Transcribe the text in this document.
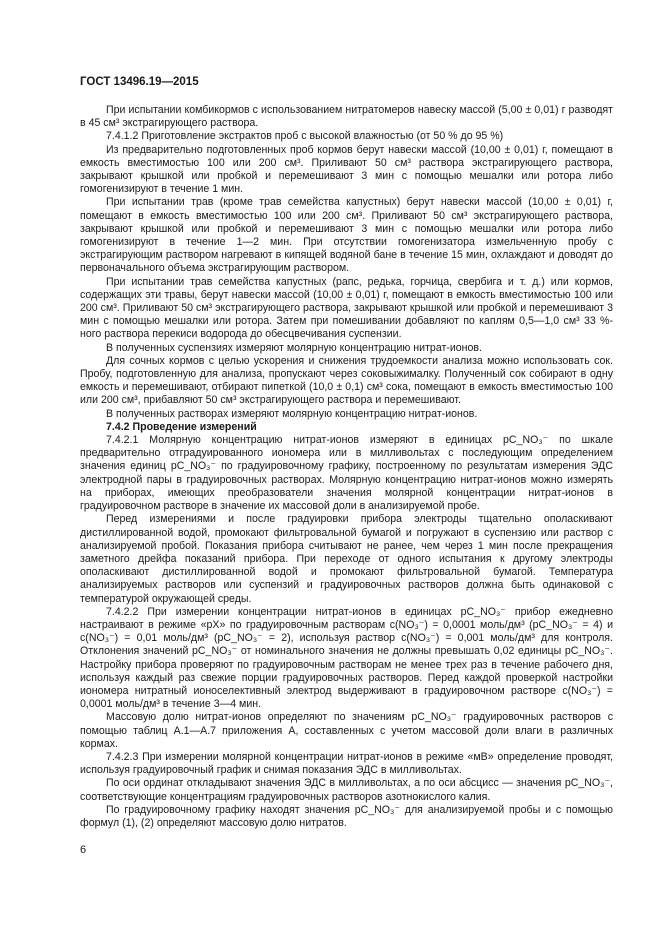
ГОСТ 13496.19—2015

При испытании комбикормов с использованием нитратомеров навеску массой (5,00 ± 0,01) г разводят в 45 см³ экстрагирующего раствора.

7.4.1.2 Приготовление экстрактов проб с высокой влажностью (от 50 % до 95 %)

Из предварительно подготовленных проб кормов берут навески массой (10,00 ± 0,01) г, помещают в емкость вместимостью 100 или 200 см³. Приливают 50 см³ раствора экстрагирующего раствора, закрывают крышкой или пробкой и перемешивают 3 мин с помощью мешалки или ротора либо гомогенизируют в течение 1 мин.

При испытании трав (кроме трав семейства капустных) берут навески массой (10,00 ± 0,01) г, помещают в емкость вместимостью 100 или 200 см³. Приливают 50 см³ экстрагирующего раствора, закрывают крышкой или пробкой и перемешивают 3 мин с помощью мешалки или ротора либо гомогенизируют в течение 1—2 мин. При отсутствии гомогенизатора измельченную пробу с экстрагирующим раствором нагревают в кипящей водяной бане в течение 15 мин, охлаждают и доводят до первоначального объема экстрагирующим раствором.

При испытании трав семейства капустных (рапс, редька, горчица, свербига и т. д.) или кормов, содержащих эти травы, берут навески массой (10,00 ± 0,01) г, помещают в емкость вместимостью 100 или 200 см³. Приливают 50 см³ экстрагирующего раствора, закрывают крышкой или пробкой и перемешивают 3 мин с помощью мешалки или ротора. Затем при помешивании добавляют по каплям 0,5—1,0 см³ 33 %-ного раствора перекиси водорода до обесцвечивания суспензии.

В полученных суспензиях измеряют молярную концентрацию нитрат-ионов.

Для сочных кормов с целью ускорения и снижения трудоемкости анализа можно использовать сок. Пробу, подготовленную для анализа, пропускают через соковыжималку. Полученный сок собирают в одну емкость и перемешивают, отбирают пипеткой (10,0 ± 0,1) см³ сока, помещают в емкость вместимостью 100 или 200 см³, прибавляют 50 см³ экстрагирующего раствора и перемешивают.

В полученных растворах измеряют молярную концентрацию нитрат-ионов.

7.4.2 Проведение измерений

7.4.2.1 Молярную концентрацию нитрат-ионов измеряют в единицах pC_NO₃⁻ по шкале предварительно отградуированного иономера или в милливольтах с последующим определением значения единиц pC_NO₃⁻ по градуировочному графику, построенному по результатам измерения ЭДС электродной пары в градуировочных растворах. Молярную концентрацию нитрат-ионов можно измерять на приборах, имеющих преобразователи значения молярной концентрации нитрат-ионов в градуировочном растворе в значение их массовой доли в анализируемой пробе.

Перед измерениями и после градуировки прибора электроды тщательно ополаскивают дистиллированной водой, промокают фильтровальной бумагой и погружают в суспензию или раствор с анализируемой пробой. Показания прибора считывают не ранее, чем через 1 мин после прекращения заметного дрейфа показаний прибора. При переходе от одного испытания к другому электроды ополаскивают дистиллированной водой и промокают фильтровальной бумагой. Температура анализируемых растворов или суспензий и градуировочных растворов должна быть одинаковой с температурой окружающей среды.

7.4.2.2 При измерении концентрации нитрат-ионов в единицах pC_NO₃⁻ прибор ежедневно настраивают в режиме «pX» по градуировочным растворам c(NO₃⁻) = 0,0001 моль/дм³ (pC_NO₃⁻ = 4) и c(NO₃⁻) = 0,01 моль/дм³ (pC_NO₃⁻ = 2), используя раствор c(NO₃⁻) = 0,001 моль/дм³ для контроля. Отклонения значений pC_NO₃⁻ от номинального значения не должны превышать 0,02 единицы pC_NO₃⁻. Настройку прибора проверяют по градуировочным растворам не менее трех раз в течение рабочего дня, используя каждый раз свежие порции градуировочных растворов. Перед каждой проверкой настройки иономера нитратный ионоселективный электрод выдерживают в градуировочном растворе c(NO₃⁻) = 0,0001 моль/дм³ в течение 3—4 мин.

Массовую долю нитрат-ионов определяют по значениям pC_NO₃⁻ градуировочных растворов с помощью таблиц А.1—А.7 приложения А, составленных с учетом массовой доли влаги в различных кормах.

7.4.2.3 При измерении молярной концентрации нитрат-ионов в режиме «мВ» определение проводят, используя градуировочный график и снимая показания ЭДС в милливольтах.

По оси ординат откладывают значения ЭДС в милливольтах, а по оси абсцисс — значения pC_NO₃⁻, соответствующие концентрациям градуировочных растворов азотнокислого калия.

По градуировочному графику находят значения pC_NO₃⁻ для анализируемой пробы и с помощью формул (1), (2) определяют массовую долю нитратов.

6
